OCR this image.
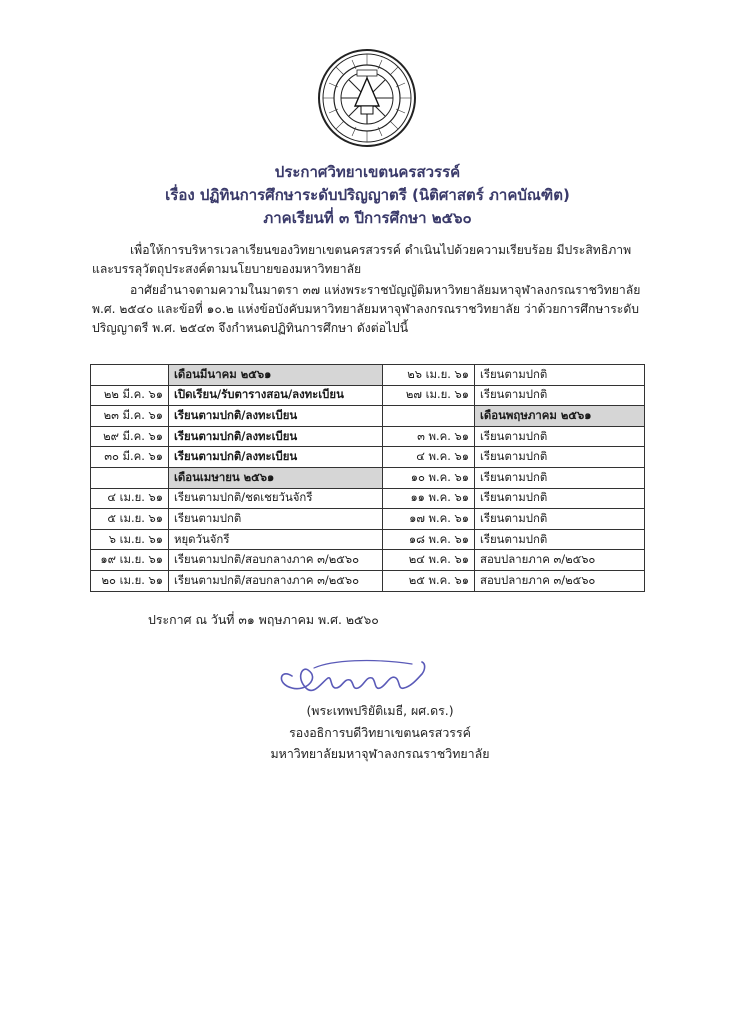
ประกาศวิทยาเขตนครสวรรค์
เรื่อง ปฏิทินการศึกษาระดับปริญญาตรี (นิติศาสตร์ ภาคบัณฑิต)
ภาคเรียนที่ ๓ ปีการศึกษา ๒๕๖๐
เพื่อให้การบริหารเวลาเรียนของวิทยาเขตนครสวรรค์ ดำเนินไปด้วยความเรียบร้อย มีประสิทธิภาพ และบรรลุวัตถุประสงค์ตามนโยบายของมหาวิทยาลัย
อาศัยอำนาจตามความในมาตรา ๓๗ แห่งพระราชบัญญัติมหาวิทยาลัยมหาจุฬาลงกรณราชวิทยาลัย พ.ศ. ๒๕๔๐ และข้อที่ ๑๐.๒ แห่งข้อบังคับมหาวิทยาลัยมหาจุฬาลงกรณราชวิทยาลัย ว่าด้วยการศึกษาระดับปริญญาตรี พ.ศ. ๒๕๔๓ จึงกำหนดปฏิทินการศึกษา ดังต่อไปนี้
	เดือนมีนาคม ๒๕๖๑	๒๖ เม.ย. ๖๑	เรียนตามปกติ
๒๒ มี.ค. ๖๑	เปิดเรียน/รับตารางสอน/ลงทะเบียน	๒๗ เม.ย. ๖๑	เรียนตามปกติ
๒๓ มี.ค. ๖๑	เรียนตามปกติ/ลงทะเบียน		เดือนพฤษภาคม ๒๕๖๑
๒๙ มี.ค. ๖๑	เรียนตามปกติ/ลงทะเบียน	๓ พ.ค. ๖๑	เรียนตามปกติ
๓๐ มี.ค. ๖๑	เรียนตามปกติ/ลงทะเบียน	๔ พ.ค. ๖๑	เรียนตามปกติ
	เดือนเมษายน ๒๕๖๑	๑๐ พ.ค. ๖๑	เรียนตามปกติ
๔ เม.ย. ๖๑	เรียนตามปกติ/ชดเชยวันจักรี	๑๑ พ.ค. ๖๑	เรียนตามปกติ
๕ เม.ย. ๖๑	เรียนตามปกติ	๑๗ พ.ค. ๖๑	เรียนตามปกติ
๖ เม.ย. ๖๑	หยุดวันจักรี	๑๘ พ.ค. ๖๑	เรียนตามปกติ
๑๙ เม.ย. ๖๑	เรียนตามปกติ/สอบกลางภาค ๓/๒๕๖๐	๒๔ พ.ค. ๖๑	สอบปลายภาค ๓/๒๕๖๐
๒๐ เม.ย. ๖๑	เรียนตามปกติ/สอบกลางภาค ๓/๒๕๖๐	๒๕ พ.ค. ๖๑	สอบปลายภาค ๓/๒๕๖๐
ประกาศ ณ วันที่ ๓๑ พฤษภาคม พ.ศ. ๒๕๖๐
(พระเทพปริยัติเมธี, ผศ.ดร.)
รองอธิการบดีวิทยาเขตนครสวรรค์
มหาวิทยาลัยมหาจุฬาลงกรณราชวิทยาลัย
